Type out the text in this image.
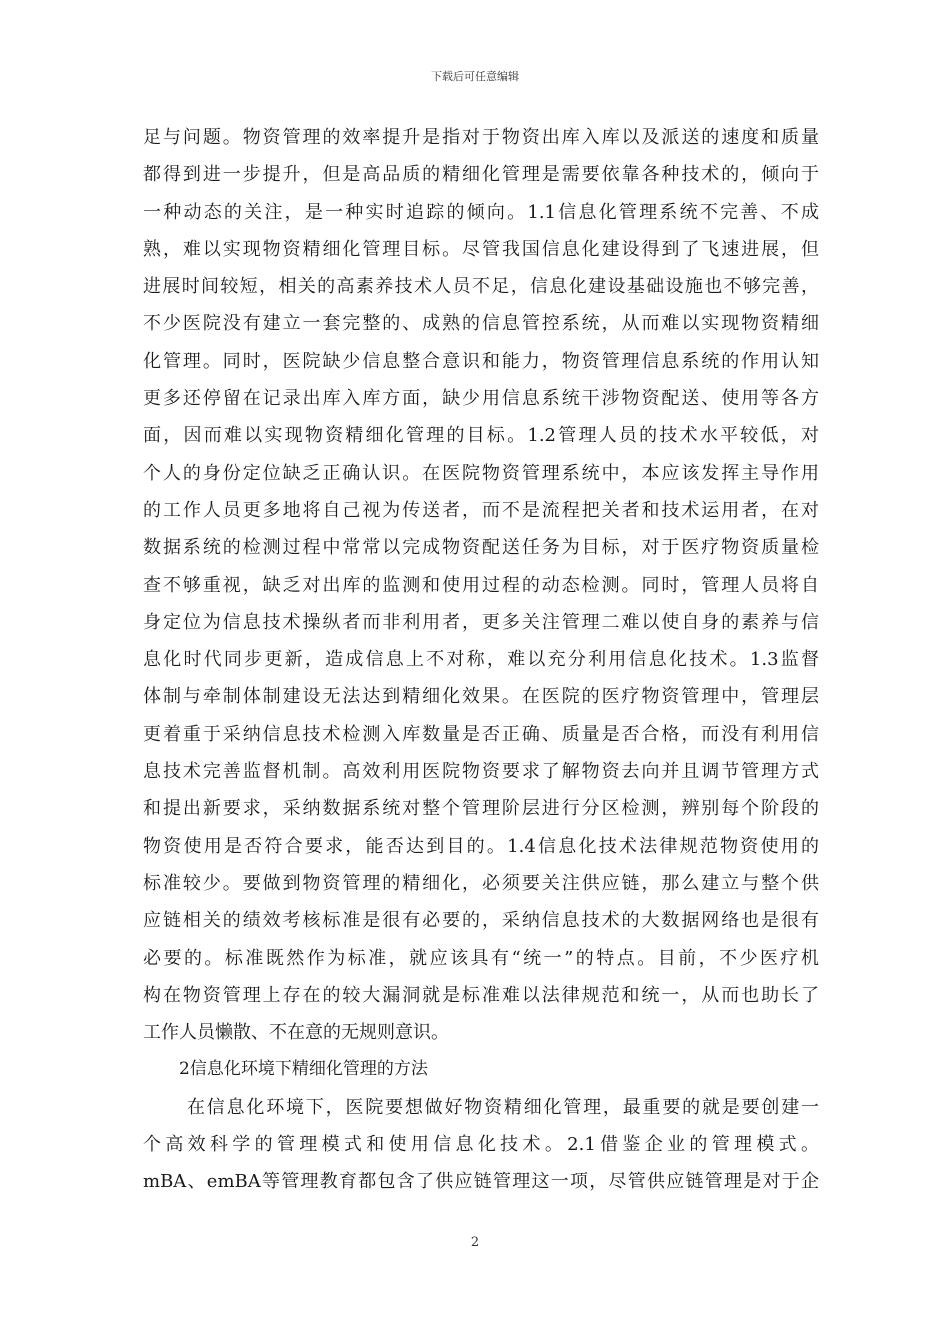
下载后可任意编辑
足与问题。物资管理的效率提升是指对于物资出库入库以及派送的速度和质量
都得到进一步提升，但是高品质的精细化管理是需要依靠各种技术的，倾向于
一种动态的关注，是一种实时追踪的倾向。1.1信息化管理系统不完善、不成
熟，难以实现物资精细化管理目标。尽管我国信息化建设得到了飞速进展，但
进展时间较短，相关的高素养技术人员不足，信息化建设基础设施也不够完善，
不少医院没有建立一套完整的、成熟的信息管控系统，从而难以实现物资精细
化管理。同时，医院缺少信息整合意识和能力，物资管理信息系统的作用认知
更多还停留在记录出库入库方面，缺少用信息系统干涉物资配送、使用等各方
面，因而难以实现物资精细化管理的目标。1.2管理人员的技术水平较低，对
个人的身份定位缺乏正确认识。在医院物资管理系统中，本应该发挥主导作用
的工作人员更多地将自己视为传送者，而不是流程把关者和技术运用者，在对
数据系统的检测过程中常常以完成物资配送任务为目标，对于医疗物资质量检
查不够重视，缺乏对出库的监测和使用过程的动态检测。同时，管理人员将自
身定位为信息技术操纵者而非利用者，更多关注管理二难以使自身的素养与信
息化时代同步更新，造成信息上不对称，难以充分利用信息化技术。1.3监督
体制与牵制体制建设无法达到精细化效果。在医院的医疗物资管理中，管理层
更着重于采纳信息技术检测入库数量是否正确、质量是否合格，而没有利用信
息技术完善监督机制。高效利用医院物资要求了解物资去向并且调节管理方式
和提出新要求，采纳数据系统对整个管理阶层进行分区检测，辨别每个阶段的
物资使用是否符合要求，能否达到目的。1.4信息化技术法律规范物资使用的
标准较少。要做到物资管理的精细化，必须要关注供应链，那么建立与整个供
应链相关的绩效考核标准是很有必要的，采纳信息技术的大数据网络也是很有
必要的。标准既然作为标准，就应该具有“统一”的特点。目前，不少医疗机
构在物资管理上存在的较大漏洞就是标准难以法律规范和统一，从而也助长了
工作人员懒散、不在意的无规则意识。
2信息化环境下精细化管理的方法
在信息化环境下，医院要想做好物资精细化管理，最重要的就是要创建一
个高效科学的管理模式和使用信息化技术。2.1借鉴企业的管理模式。
mBA、emBA等管理教育都包含了供应链管理这一项，尽管供应链管理是对于企
2
